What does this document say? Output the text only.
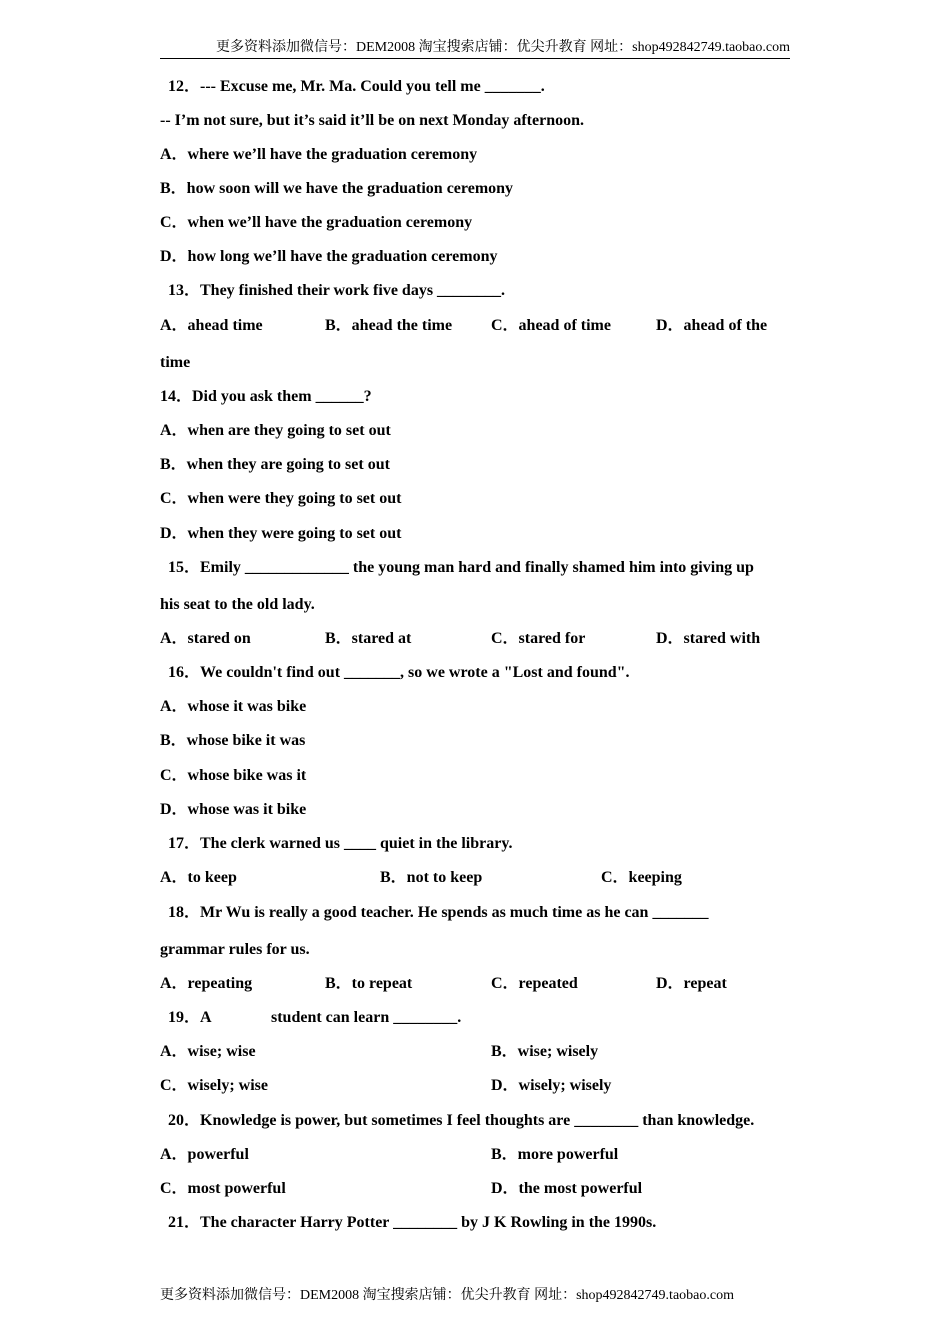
更多资料添加微信号：DEM2008 淘宝搜索店铺：优尖升教育 网址：shop492842749.taobao.com
12．--- Excuse me, Mr. Ma. Could you tell me _______.
-- I’m not sure, but it’s said it’ll be on next Monday afternoon.
A．where we’ll have the graduation ceremony
B．how soon will we have the graduation ceremony
C．when we’ll have the graduation ceremony
D．how long we’ll have the graduation ceremony
13．They finished their work five days ________.
A．ahead time	B．ahead the time C．ahead of time	D．ahead of the
time
14．Did you ask them ______?
A．when are they going to set out
B．when they are going to set out
C．when were they going to set out
D．when they were going to set out
15．Emily _____________ the young man hard and finally shamed him into giving up
his seat to the old lady.
A．stared on	B．stared at	C．stared for	D．stared with
16．We couldn't find out _______, so we wrote a "Lost and found".
A．whose it was bike
B．whose bike it was
C．whose bike was it
D．whose was it bike
17．The clerk warned us ____ quiet in the library.
A．to keep	B．not to keep	C．keeping
18．Mr Wu is really a good teacher. He spends as much time as he can _______
grammar rules for us.
A．repeating	B．to repeat	C．repeated	D．repeat
19．A	student can learn ________.
A．wise; wise	B．wise; wisely
C．wisely; wise	D．wisely; wisely
20．Knowledge is power, but sometimes I feel thoughts are ________ than knowledge.
A．powerful	B．more powerful
C．most powerful	D．the most powerful
21．The character Harry Potter ________ by J K Rowling in the 1990s.
更多资料添加微信号：DEM2008 淘宝搜索店铺：优尖升教育 网址：shop492842749.taobao.com
